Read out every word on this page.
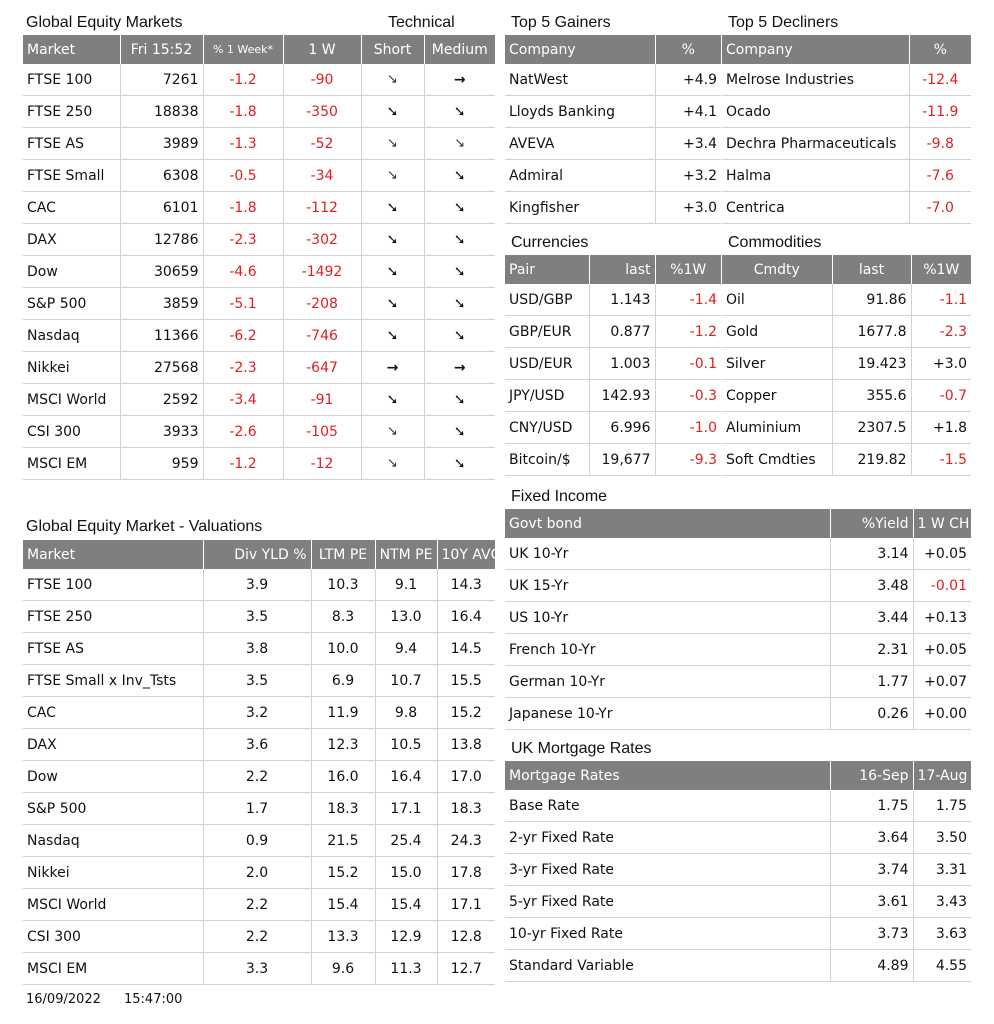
Global Equity Markets	Technical
Market	Fri 15:52	% 1 Week*	1 W	Short	Medium
FTSE 100	7261	-1.2	-90	↘	→
FTSE 250	18838	-1.8	-350	➘	➘
FTSE AS	3989	-1.3	-52	↘	↘
FTSE Small	6308	-0.5	-34	↘	➘
CAC	6101	-1.8	-112	➘	➘
DAX	12786	-2.3	-302	➘	➘
Dow	30659	-4.6	-1492	➘	➘
S&P 500	3859	-5.1	-208	➘	➘
Nasdaq	11366	-6.2	-746	➘	➘
Nikkei	27568	-2.3	-647	→	→
MSCI World	2592	-3.4	-91	➘	➘
CSI 300	3933	-2.6	-105	↘	➘
MSCI EM	959	-1.2	-12	↘	➘
Top 5 Gainers
Company	%
NatWest	+4.9
Lloyds Banking	+4.1
AVEVA	+3.4
Admiral	+3.2
Kingfisher	+3.0
Top 5 Decliners
Company	%
Melrose Industries	-12.4
Ocado	-11.9
Dechra Pharmaceuticals	-9.8
Halma	-7.6
Centrica	-7.0
Currencies
Pair	last	%1W
USD/GBP	1.143	-1.4
GBP/EUR	0.877	-1.2
USD/EUR	1.003	-0.1
JPY/USD	142.93	-0.3
CNY/USD	6.996	-1.0
Bitcoin/$	19,677	-9.3
Commodities
Cmdty	last	%1W
Oil	91.86	-1.1
Gold	1677.8	-2.3
Silver	19.423	+3.0
Copper	355.6	-0.7
Aluminium	2307.5	+1.8
Soft Cmdties	219.82	-1.5
Global Equity Market - Valuations
Market	Div YLD %	LTM PE	NTM PE	10Y AVG
FTSE 100	3.9	10.3	9.1	14.3
FTSE 250	3.5	8.3	13.0	16.4
FTSE AS	3.8	10.0	9.4	14.5
FTSE Small x Inv_Tsts	3.5	6.9	10.7	15.5
CAC	3.2	11.9	9.8	15.2
DAX	3.6	12.3	10.5	13.8
Dow	2.2	16.0	16.4	17.0
S&P 500	1.7	18.3	17.1	18.3
Nasdaq	0.9	21.5	25.4	24.3
Nikkei	2.0	15.2	15.0	17.8
MSCI World	2.2	15.4	15.4	17.1
CSI 300	2.2	13.3	12.9	12.8
MSCI EM	3.3	9.6	11.3	12.7
Fixed Income
Govt bond	%Yield	1 W CH
UK 10-Yr	3.14	+0.05
UK 15-Yr	3.48	-0.01
US 10-Yr	3.44	+0.13
French 10-Yr	2.31	+0.05
German 10-Yr	1.77	+0.07
Japanese 10-Yr	0.26	+0.00
UK Mortgage Rates
Mortgage Rates	16-Sep	17-Aug
Base Rate	1.75	1.75
2-yr Fixed Rate	3.64	3.50
3-yr Fixed Rate	3.74	3.31
5-yr Fixed Rate	3.61	3.43
10-yr Fixed Rate	3.73	3.63
Standard Variable	4.89	4.55
16/09/2022 15:47:00
